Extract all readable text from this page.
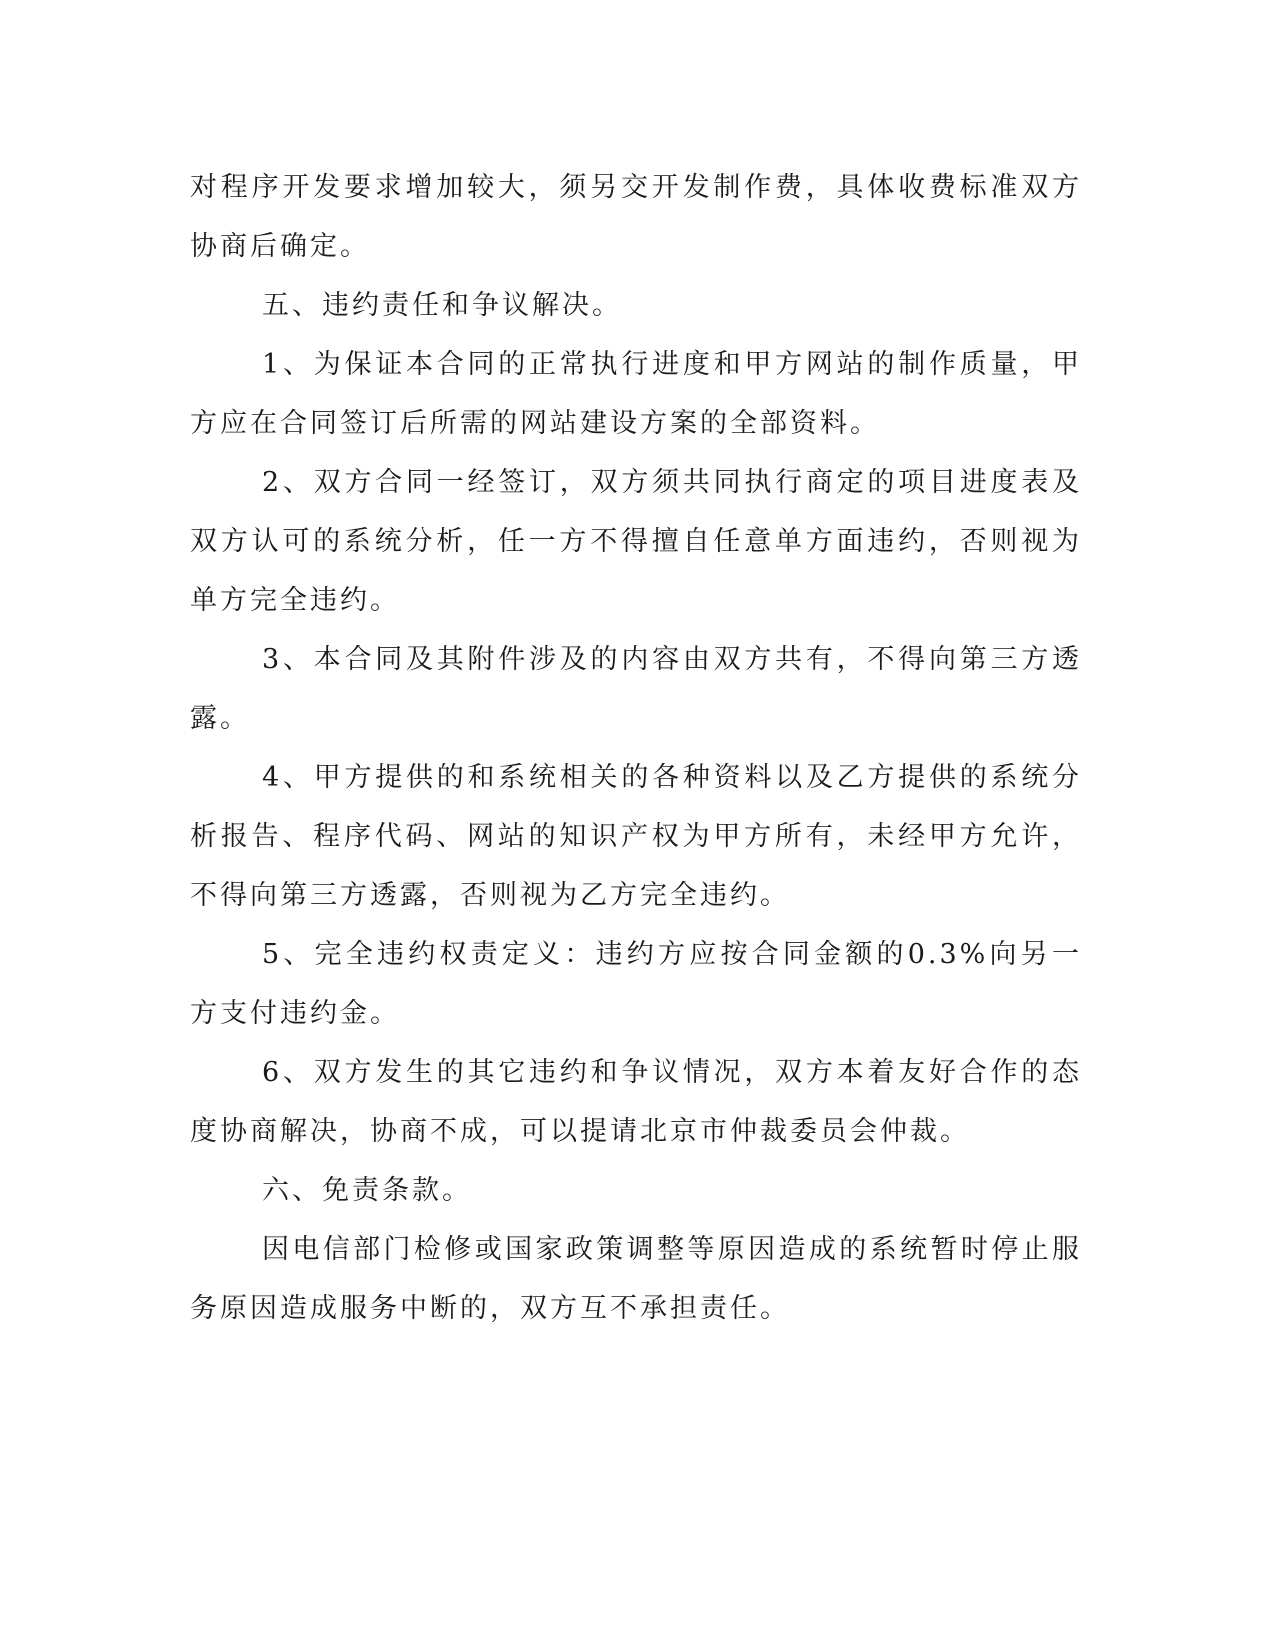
对程序开发要求增加较大，须另交开发制作费，具体收费标准双方协商后确定。

五、违约责任和争议解决。

1、为保证本合同的正常执行进度和甲方网站的制作质量，甲方应在合同签订后所需的网站建设方案的全部资料。

2、双方合同一经签订，双方须共同执行商定的项目进度表及双方认可的系统分析，任一方不得擅自任意单方面违约，否则视为单方完全违约。

3、本合同及其附件涉及的内容由双方共有，不得向第三方透露。

4、甲方提供的和系统相关的各种资料以及乙方提供的系统分析报告、程序代码、网站的知识产权为甲方所有，未经甲方允许，不得向第三方透露，否则视为乙方完全违约。

5、完全违约权责定义：违约方应按合同金额的0.3%向另一方支付违约金。

6、双方发生的其它违约和争议情况，双方本着友好合作的态度协商解决，协商不成，可以提请北京市仲裁委员会仲裁。

六、免责条款。

因电信部门检修或国家政策调整等原因造成的系统暂时停止服务原因造成服务中断的，双方互不承担责任。
